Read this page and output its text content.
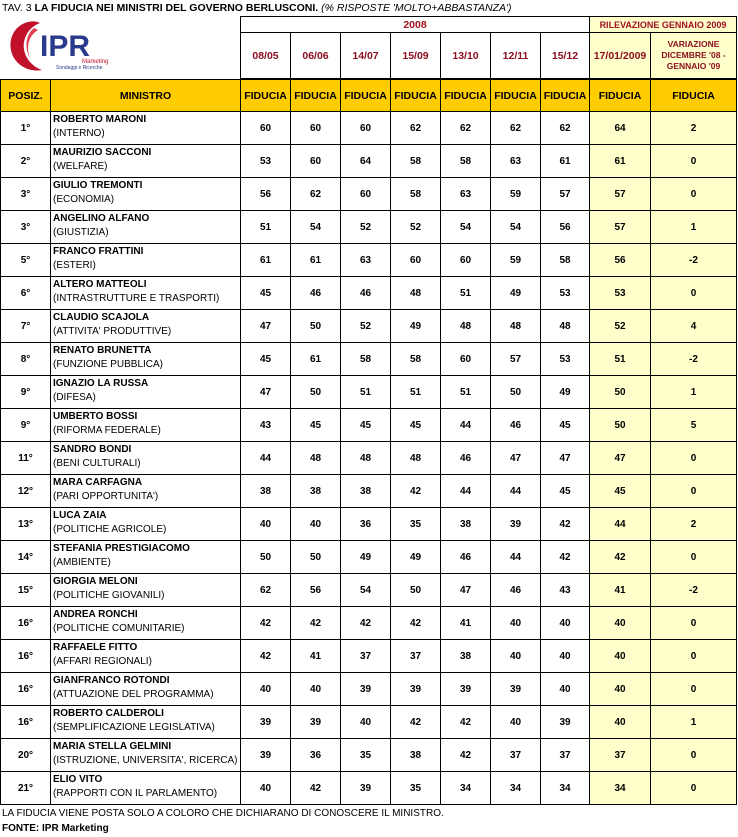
TAV. 3 LA FIDUCIA NEI MINISTRI DEL GOVERNO BERLUSCONI. (% RISPOSTE 'MOLTO+ABBASTANZA')
IPR
Marketing
Sondaggi e Ricerche
2008							RILEVAZIONE GENNAIO 2009	
08/05	06/06	14/07	15/09	13/10	12/11	15/12	17/01/2009	VARIAZIONE DICEMBRE '08 - GENNAIO '09
POSIZ.	MINISTRO	FIDUCIA	FIDUCIA	FIDUCIA	FIDUCIA	FIDUCIA	FIDUCIA	FIDUCIA	FIDUCIA	FIDUCIA
1°	ROBERTO MARONI
(INTERNO)	60	60	60	62	62	62	62	64	2
2°	MAURIZIO SACCONI
(WELFARE)	53	60	64	58	58	63	61	61	0
3°	GIULIO TREMONTI
(ECONOMIA)	56	62	60	58	63	59	57	57	0
3°	ANGELINO ALFANO
(GIUSTIZIA)	51	54	52	52	54	54	56	57	1
5°	FRANCO FRATTINI
(ESTERI)	61	61	63	60	60	59	58	56	-2
6°	ALTERO MATTEOLI
(INTRASTRUTTURE E TRASPORTI)	45	46	46	48	51	49	53	53	0
7°	CLAUDIO SCAJOLA
(ATTIVITA' PRODUTTIVE)	47	50	52	49	48	48	48	52	4
8°	RENATO BRUNETTA
(FUNZIONE PUBBLICA)	45	61	58	58	60	57	53	51	-2
9°	IGNAZIO LA RUSSA
(DIFESA)	47	50	51	51	51	50	49	50	1
9°	UMBERTO BOSSI
(RIFORMA FEDERALE)	43	45	45	45	44	46	45	50	5
11°	SANDRO BONDI
(BENI CULTURALI)	44	48	48	48	46	47	47	47	0
12°	MARA CARFAGNA
(PARI OPPORTUNITA')	38	38	38	42	44	44	45	45	0
13°	LUCA ZAIA
(POLITICHE AGRICOLE)	40	40	36	35	38	39	42	44	2
14°	STEFANIA PRESTIGIACOMO
(AMBIENTE)	50	50	49	49	46	44	42	42	0
15°	GIORGIA MELONI
(POLITICHE GIOVANILI)	62	56	54	50	47	46	43	41	-2
16°	ANDREA RONCHI
(POLITICHE COMUNITARIE)	42	42	42	42	41	40	40	40	0
16°	RAFFAELE FITTO
(AFFARI REGIONALI)	42	41	37	37	38	40	40	40	0
16°	GIANFRANCO ROTONDI
(ATTUAZIONE DEL PROGRAMMA)	40	40	39	39	39	39	40	40	0
16°	ROBERTO CALDEROLI
(SEMPLIFICAZIONE LEGISLATIVA)	39	39	40	42	42	40	39	40	1
20°	MARIA STELLA GELMINI
(ISTRUZIONE, UNIVERSITA', RICERCA)	39	36	35	38	42	37	37	37	0
21°	ELIO VITO
(RAPPORTI CON IL PARLAMENTO)	40	42	39	35	34	34	34	34	0
LA FIDUCIA VIENE POSTA SOLO A COLORO CHE DICHIARANO DI CONOSCERE IL MINISTRO.
FONTE: IPR Marketing
